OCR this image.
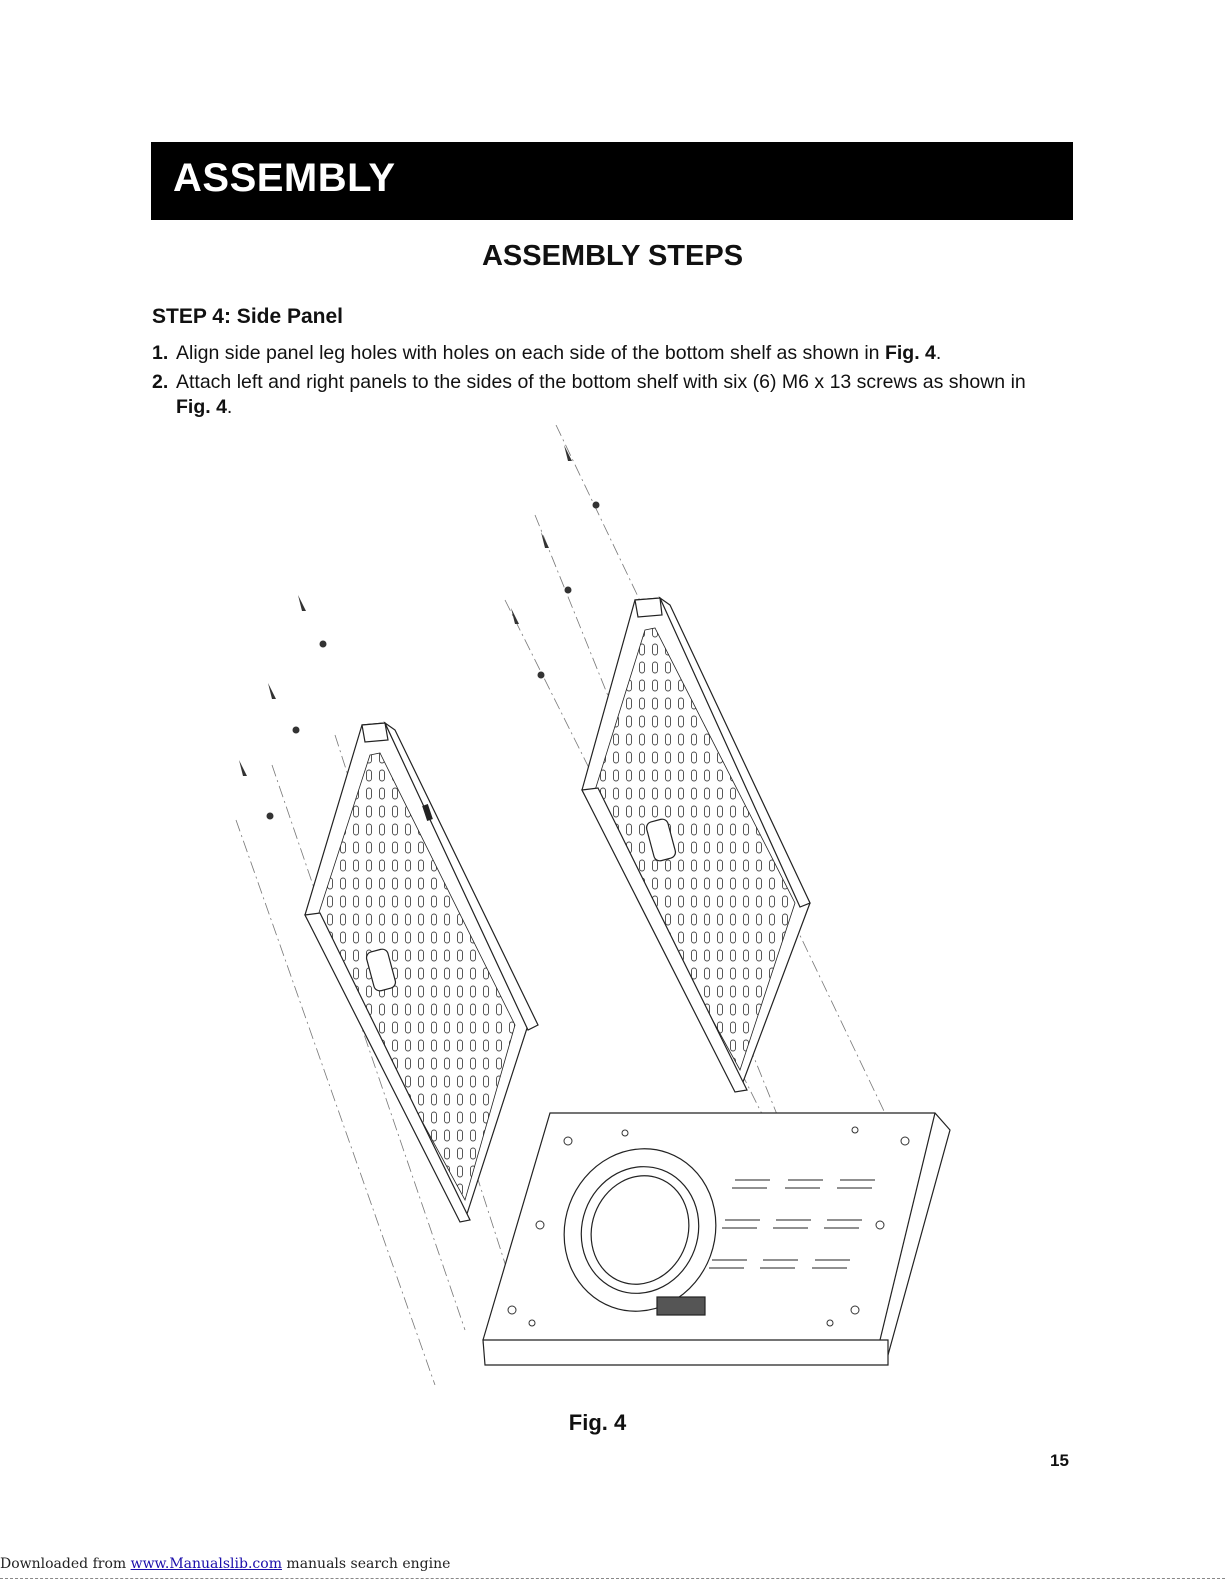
ASSEMBLY
ASSEMBLY STEPS
STEP 4: Side Panel
1. Align side panel leg holes with holes on each side of the bottom shelf as shown in Fig. 4.
2. Attach left and right panels to the sides of the bottom shelf with six (6) M6 x 13 screws as shown in Fig. 4.
Fig. 4
15
Downloaded from www.Manualslib.com manuals search engine
